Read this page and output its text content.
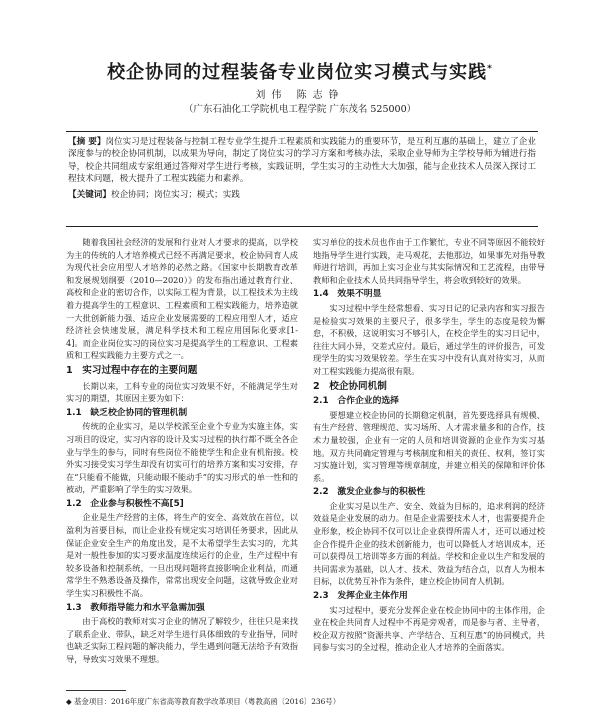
校企协同的过程装备专业岗位实习模式与实践*
刘伟 陈志铮
（广东石油化工学院机电工程学院 广东茂名 525000）

【摘 要】岗位实习是过程装备与控制工程专业学生提升工程素质和实践能力的重要环节，是互利互惠的基础上，建立了企业深度参与的校企协同机制，以成果为导向，制定了岗位实习的学习方案和考核办法，采取企业导师为主学校导师为辅进行指导，校企共同组成专家组通过答辩对学生进行考核，实践证明，学生实习的主动性大大加强，能与企业技术人员深入探讨工程技术问题，极大提升了工程实践能力和素养。

【关键词】校企协同；岗位实习；模式；实践

随着我国社会经济的发展和行业对人才要求的提高，以学校为主的传统的人才培养模式已经不再满足要求，校企协同育人成为现代社会应用型人才培养的必然之路。《国家中长期教育改革和发展规划纲要（2010—2020）》的发布指出通过教育行业、高校和企业的密切合作，以实际工程为背景，以工程技术为主线着力提高学生的工程意识、工程素质和工程实践能力，培养造就一大批创新能力强、适应企业发展需要的工程应用型人才，适应经济社会快速发展，满足科学技术和工程应用国际化要求[1-4]。而企业岗位实习的岗位实习是提高学生的工程意识、工程素质和工程实践能力主要方式之一。

1　实习过程中存在的主要问题

长期以来，工科专业的岗位实习效果不好，不能满足学生对实习的期望，其原因主要为如下：

1.1　缺乏校企协同的管理机制

传统的企业实习，是以学校派至企业个专业为实施主体，实习项目的设定，实习内容的设计及实习过程的执行都不既全各企业与学生的参与，同时有些岗位不能使学生和企业有机衔接。校外实习接受实习学生却没有切实可行的培养方案和实习安排，存在“只能看不能做，只能动眼不能动手”的实习形式的单一性和的被动，严重影响了学生的实习效果。

1.2　企业参与积极性不高[5]

企业是生产经营的主体，将生产的安全、高效放在首位，以盈利为首要目标，而让企业投有规定实习培训任务要求，因此从保证企业安全生产的角度出发，是不太希望学生去实习的，尤其是对一般性参加的实习要求温度连续运行的企业，生产过程中有较多设备和控制系统，一旦出现问题将直接影响企业利益，而通常学生不熟悉设备及操作，常常出现安全问题，这就导致企业对学生实习积极性不高。

1.3　教师指导能力和水平急需加强

由于高校的教师对实习企业的情况了解较少，往往只是来找了联系企业、带队，缺乏对学生进行具体细致的专业指导，同时也缺乏实际工程问题的解决能力，学生遇到问题无法给予有效指导，导致实习效果不理想。

实习单位的技术员也作由于工作繁忙，专业不同等原因不能较好地指导学生进行实践，走马观花，去他那边，如果事先对指导教师进行培训，再加上实习企业与其实际情况和工艺流程，由带导教师和企业技术人员共同指导学生，将会收到较好的效果。

1.4　效果不明显

实习过程中学生经常想看、实习日记的记录内容和实习报告是检验实习效果的主要尺子，很多学生，学生的态度是较为懈怠，不积极，这说明实习不够引人，在校企学生的实习日记中，往往大同小异，交差式应付。最后，通过学生的评价报告，可发现学生的实习效果较差。学生在实习中没有认真对待实习，从而对工程实践能力提高很有限。

2　校企协同机制
2.1　合作企业的选择

要想建立校企协同的长期稳定机制，首先要选择具有规模、有生产经营、管理规范、实习场所、人才需求量多和的合作，技术力量较强，企业有一定的人员和培训资源的企业作为实习基地。双方共同确定管理与考核制度和相关的责任、权利，签订实习实施计划，实习管理等规章制度，并建立相关的保障和评价体系。

2.2　激发企业参与的积极性

企业实习是以生产、安全、效益为目标的，追求利润的经济效益是企业发展的动力。但是企业需要技术人才，也需要提升企业形象，校企协同不仅可以让企业获得所需人才，还可以通过校企合作提升企业的技术创新能力，也可以降低人才培训成本，还可以获得员工培训等多方面的利益。学校和企业以生产和发展的共同需求为基础，以人才、技术、效益为结合点，以育人为根本目标，以优势互补作为条件，建立校企协同育人机制。

2.3　发挥企业主体作用

实习过程中，要充分发挥企业在校企协同中的主体作用，企业在校企共同育人过程中不再是旁观者，而是参与者、主导者，校企双方按照“资源共享、产学结合、互利互惠”的协同模式，共同参与实习的全过程，推动企业人才培养的全面落实。

◆ 基金项目：2016年度广东省高等教育教学改革项目（粤教高函〔2016〕236号）
